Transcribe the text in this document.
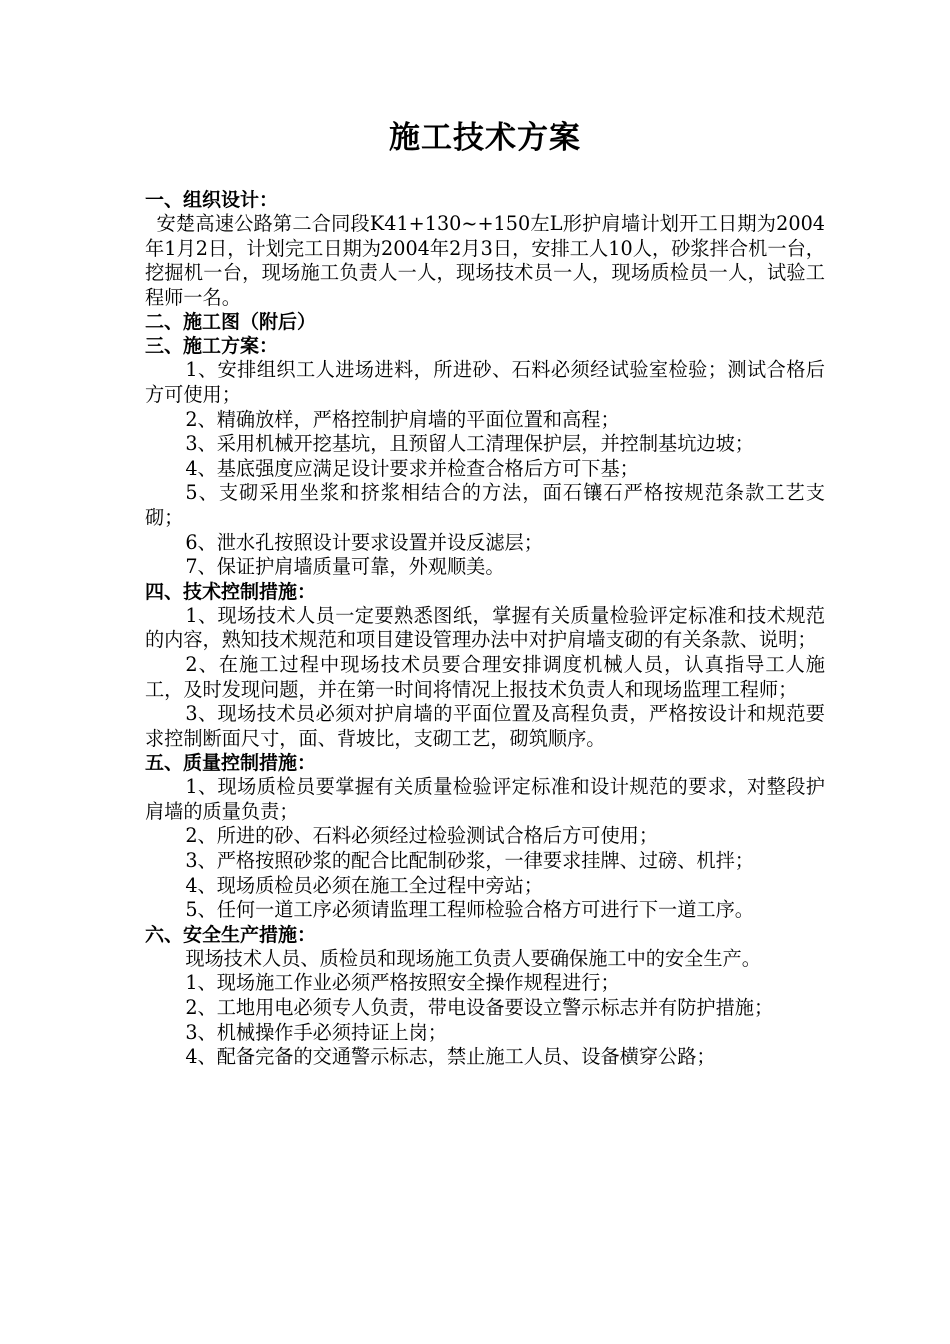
施工技术方案
一、组织设计：

安楚高速公路第二合同段K41+130~+150左L形护肩墙计划开工日期为2004年1月2日，计划完工日期为2004年2月3日，安排工人10人，砂浆拌合机一台，挖掘机一台，现场施工负责人一人，现场技术员一人，现场质检员一人，试验工程师一名。

二、施工图（附后）
三、施工方案：

1、安排组织工人进场进料，所进砂、石料必须经试验室检验；测试合格后方可使用；

2、精确放样，严格控制护肩墙的平面位置和高程；

3、采用机械开挖基坑，且预留人工清理保护层，并控制基坑边坡；

4、基底强度应满足设计要求并检查合格后方可下基；

5、支砌采用坐浆和挤浆相结合的方法，面石镶石严格按规范条款工艺支砌；

6、泄水孔按照设计要求设置并设反滤层；

7、保证护肩墙质量可靠，外观顺美。

四、技术控制措施：

1、现场技术人员一定要熟悉图纸，掌握有关质量检验评定标准和技术规范的内容，熟知技术规范和项目建设管理办法中对护肩墙支砌的有关条款、说明；

2、在施工过程中现场技术员要合理安排调度机械人员，认真指导工人施工，及时发现问题，并在第一时间将情况上报技术负责人和现场监理工程师；

3、现场技术员必须对护肩墙的平面位置及高程负责，严格按设计和规范要求控制断面尺寸，面、背坡比，支砌工艺，砌筑顺序。

五、质量控制措施：

1、现场质检员要掌握有关质量检验评定标准和设计规范的要求，对整段护肩墙的质量负责；

2、所进的砂、石料必须经过检验测试合格后方可使用；

3、严格按照砂浆的配合比配制砂浆，一律要求挂牌、过磅、机拌；

4、现场质检员必须在施工全过程中旁站；

5、任何一道工序必须请监理工程师检验合格方可进行下一道工序。

六、安全生产措施：

现场技术人员、质检员和现场施工负责人要确保施工中的安全生产。

1、现场施工作业必须严格按照安全操作规程进行；

2、工地用电必须专人负责，带电设备要设立警示标志并有防护措施；

3、机械操作手必须持证上岗；

4、配备完备的交通警示标志，禁止施工人员、设备横穿公路；
